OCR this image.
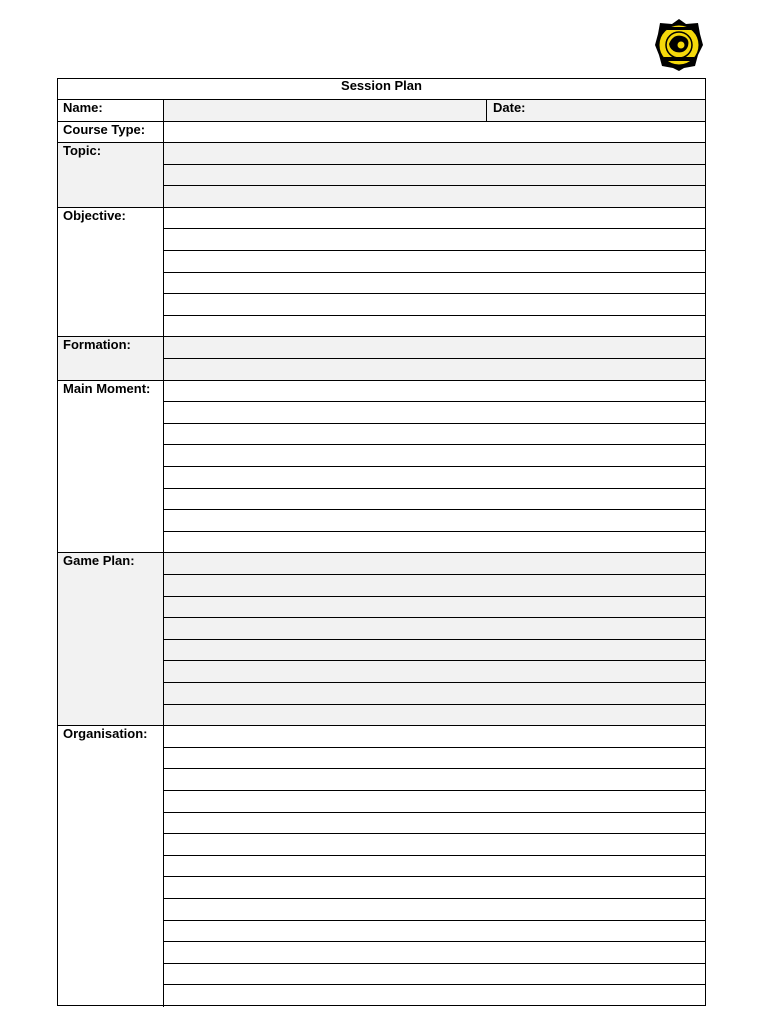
Session Plan
Name:	Date:
Course Type:
Topic:
Objective:
Formation:
Main Moment:
Game Plan:
Organisation:
